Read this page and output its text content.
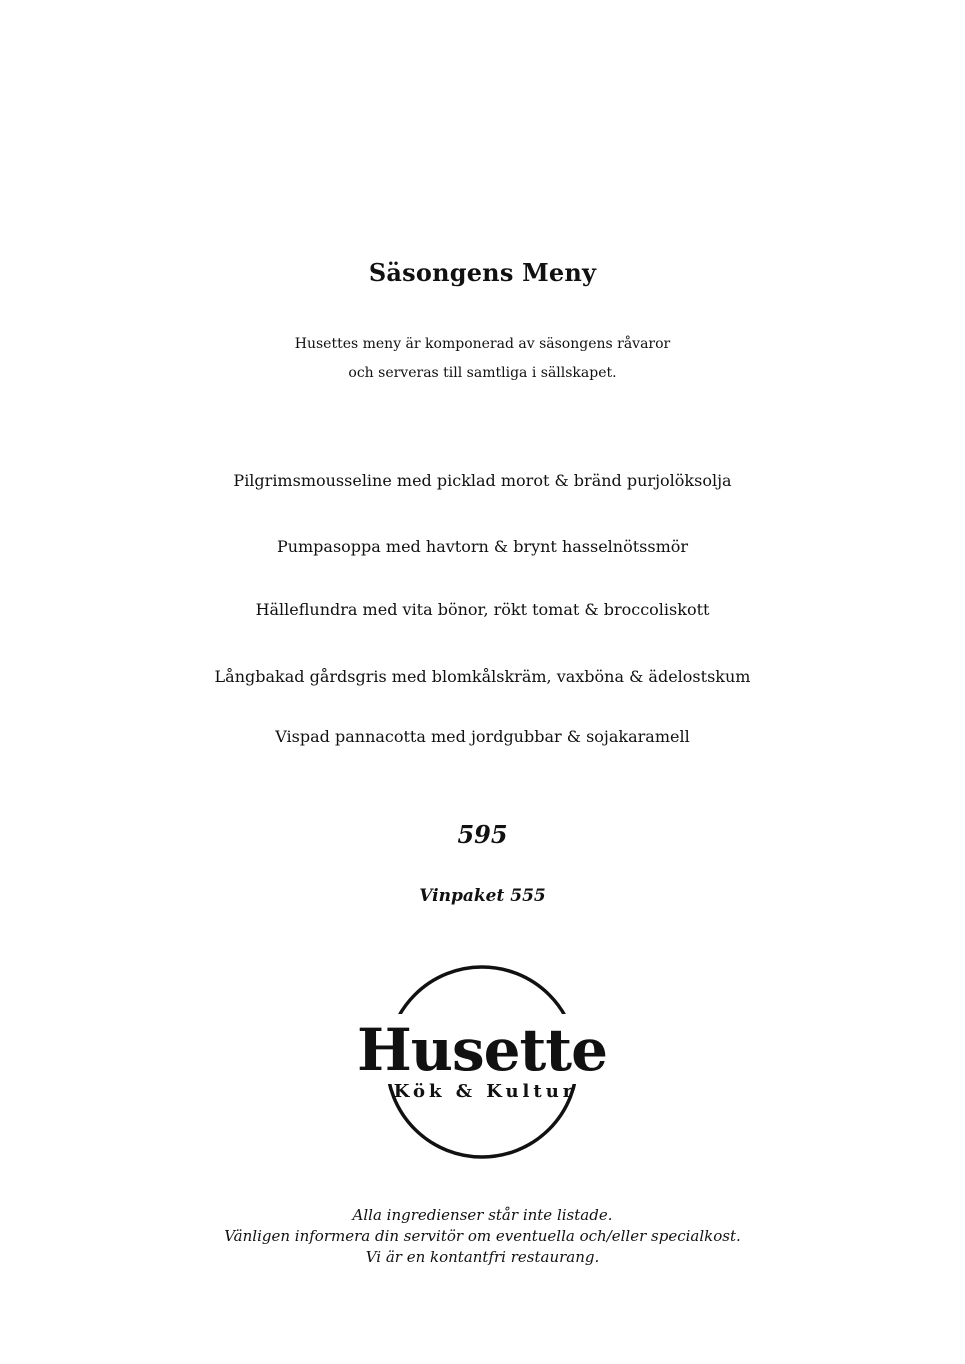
Säsongens Meny
Husettes meny är komponerad av säsongens råvaror
och serveras till samtliga i sällskapet.
Pilgrimsmousseline med picklad morot & bränd purjolöksolja
Pumpasoppa med havtorn & brynt hasselnötssmör
Hälleflundra med vita bönor, rökt tomat & broccoliskott
Långbakad gårdsgris med blomkålskräm, vaxböna & ädelostskum
Vispad pannacotta med jordgubbar & sojakaramell
595
Vinpaket 555
Husette
Kök & Kultur
Alla ingredienser står inte listade.
Vänligen informera din servitör om eventuella och/eller specialkost.
Vi är en kontantfri restaurang.
